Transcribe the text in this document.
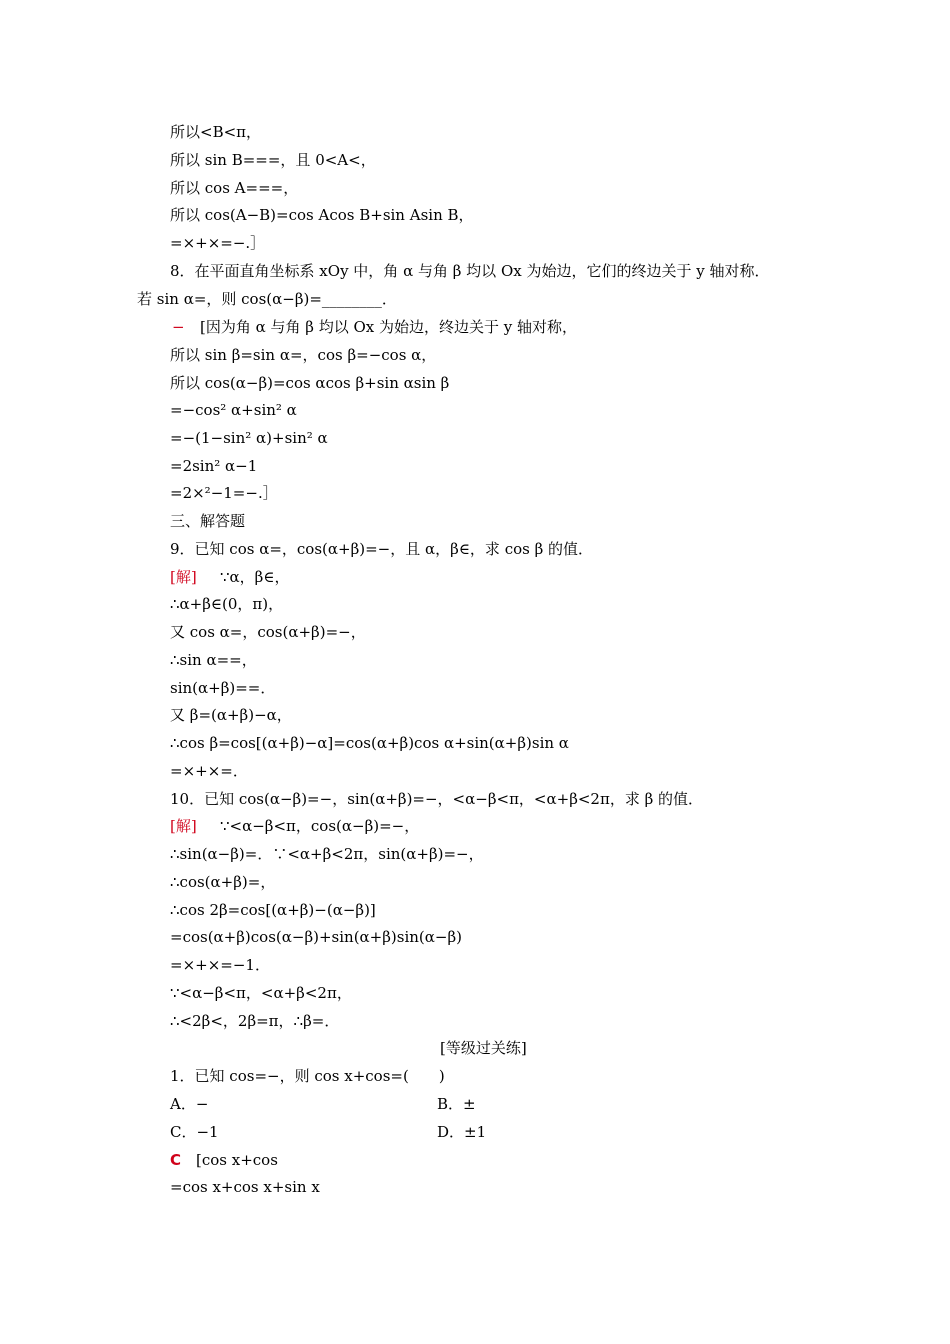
所以<B<π，
所以 sin B===，且 0<A<，
所以 cos A===，
所以 cos(A−B)=cos Acos B+sin Asin B，
=×+×=−.］
8．在平面直角坐标系 xOy 中，角 α 与角 β 均以 Ox 为始边，它们的终边关于 y 轴对称．
若 sin α=，则 cos(α−β)=________．
− [因为角 α 与角 β 均以 Ox 为始边，终边关于 y 轴对称，
所以 sin β=sin α=，cos β=−cos α，
所以 cos(α−β)=cos αcos β+sin αsin β
=−cos² α+sin² α
=−(1−sin² α)+sin² α
=2sin² α−1
=2×²−1=−.］
三、解答题
9．已知 cos α=，cos(α+β)=−，且 α，β∈，求 cos β 的值．
[解] ∵α，β∈，
∴α+β∈(0，π)，
又 cos α=，cos(α+β)=−，
∴sin α==，
sin(α+β)==．
又 β=(α+β)−α，
∴cos β=cos[(α+β)−α]=cos(α+β)cos α+sin(α+β)sin α
=×+×=．
10．已知 cos(α−β)=−，sin(α+β)=−，<α−β<π，<α+β<2π，求 β 的值．
[解] ∵<α−β<π，cos(α−β)=−，
∴sin(α−β)=．∵<α+β<2π，sin(α+β)=−，
∴cos(α+β)=，
∴cos 2β=cos[(α+β)−(α−β)]
=cos(α+β)cos(α−β)+sin(α+β)sin(α−β)
=×+×=−1．
∵<α−β<π，<α+β<2π，
∴<2β<，2β=π，∴β=．
[等级过关练]
1．已知 cos=−，则 cos x+cos=(　　)
A．−	B．±
C．−1	D．±1
C [cos x+cos
=cos x+cos x+sin x
